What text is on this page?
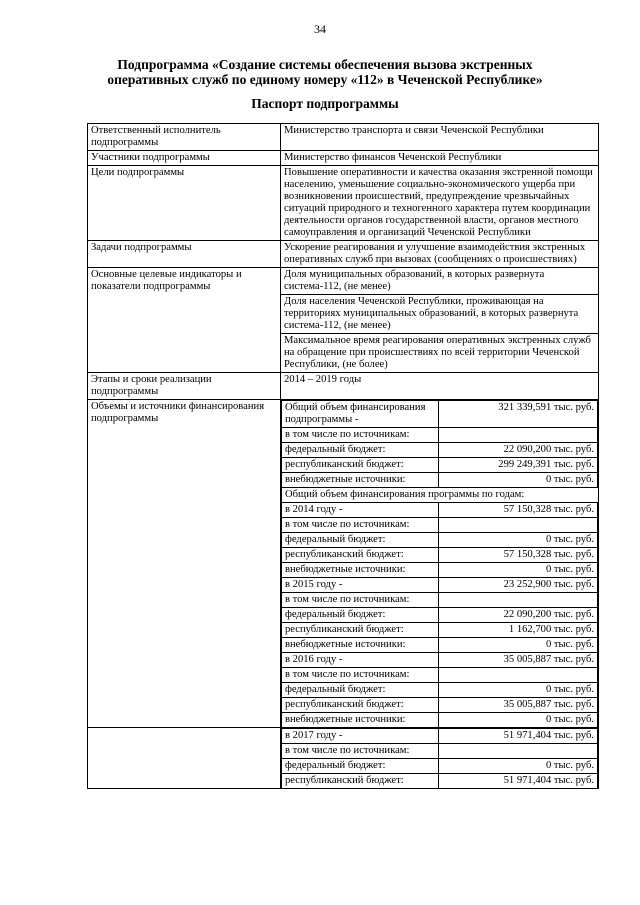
34
Подпрограмма «Создание системы обеспечения вызова экстренных
оперативных служб по единому номеру «112» в Чеченской Республике»
Паспорт подпрограммы
Ответственный исполнитель подпрограммы	Министерство транспорта и связи Чеченской Республики
Участники подпрограммы	Министерство финансов Чеченской Республики
Цели подпрограммы	Повышение оперативности и качества оказания экстренной помощи населению, уменьшение социально-экономического ущерба при возникновении происшествий, предупреждение чрезвычайных ситуаций природного и техногенного характера путем координации деятельности органов государственной власти, органов местного самоуправления и организаций Чеченской Республики
Задачи подпрограммы	Ускорение реагирования и улучшение взаимодействия экстренных оперативных служб при вызовах (сообщениях о происшествиях)
Основные целевые индикаторы и показатели подпрограммы	Доля муниципальных образований, в которых развернута система-112, (не менее)
Доля населения Чеченской Республики, проживающая на территориях муниципальных образований, в которых развернута система-112, (не менее)
Максимальное время реагирования оперативных экстренных служб на обращение при происшествиях по всей территории Чеченской Республики, (не более)
Этапы и сроки реализации подпрограммы	2014 – 2019 годы
Объемы и источники финансирования подпрограммы	
Общий объем финансирования подпрограммы -	321 339,591 тыс. руб.
в том числе по источникам:	
федеральный бюджет:	22 090,200 тыс. руб.
республиканский бюджет:	299 249,391 тыс. руб.
внебюджетные источники:	0 тыс. руб.
Общий объем финансирования программы по годам:
в 2014 году -	57 150,328 тыс. руб.
в том числе по источникам:	
федеральный бюджет:	0 тыс. руб.
республиканский бюджет:	57 150,328 тыс. руб.
внебюджетные источники:	0 тыс. руб.
в 2015 году -	23 252,900 тыс. руб.
в том числе по источникам:	
федеральный бюджет:	22 090,200 тыс. руб.
республиканский бюджет:	1 162,700 тыс. руб.
внебюджетные источники:	0 тыс. руб.
в 2016 году -	35 005,887 тыс. руб.
в том числе по источникам:	
федеральный бюджет:	0 тыс. руб.
республиканский бюджет:	35 005,887 тыс. руб.
внебюджетные источники:	0 тыс. руб.

в 2017 году -	51 971,404 тыс. руб.
в том числе по источникам:	
федеральный бюджет:	0 тыс. руб.
республиканский бюджет:	51 971,404 тыс. руб.
